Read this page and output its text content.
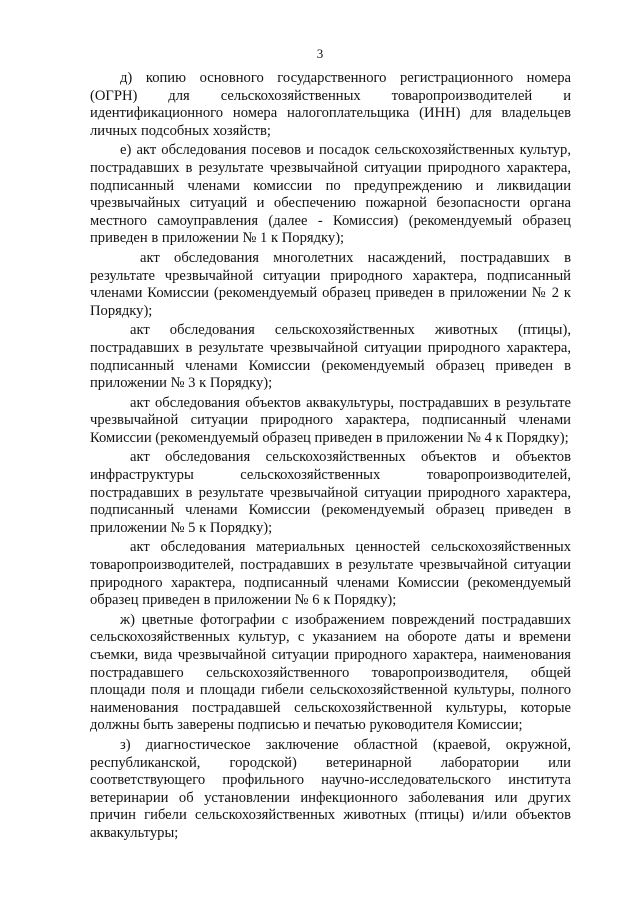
3

д) копию основного государственного регистрационного номера (ОГРН) для сельскохозяйственных товаропроизводителей и идентификационного номера налогоплательщика (ИНН) для владельцев личных подсобных хозяйств;

е) акт обследования посевов и посадок сельскохозяйственных культур, пострадавших в результате чрезвычайной ситуации природного характера, подписанный членами комиссии по предупреждению и ликвидации чрезвычайных ситуаций и обеспечению пожарной безопасности органа местного самоуправления (далее - Комиссия) (рекомендуемый образец приведен в приложении № 1 к Порядку);

акт обследования многолетних насаждений, пострадавших в результате чрезвычайной ситуации природного характера, подписанный членами Комиссии (рекомендуемый образец приведен в приложении № 2 к Порядку);

акт обследования сельскохозяйственных животных (птицы), пострадавших в результате чрезвычайной ситуации природного характера, подписанный членами Комиссии (рекомендуемый образец приведен в приложении № 3 к Порядку);

акт обследования объектов аквакультуры, пострадавших в результате чрезвычайной ситуации природного характера, подписанный членами Комиссии (рекомендуемый образец приведен в приложении № 4 к Порядку);

акт обследования сельскохозяйственных объектов и объектов инфраструктуры сельскохозяйственных товаропроизводителей, пострадавших в результате чрезвычайной ситуации природного характера, подписанный членами Комиссии (рекомендуемый образец приведен в приложении № 5 к Порядку);

акт обследования материальных ценностей сельскохозяйственных товаропроизводителей, пострадавших в результате чрезвычайной ситуации природного характера, подписанный членами Комиссии (рекомендуемый образец приведен в приложении № 6 к Порядку);

ж) цветные фотографии с изображением повреждений пострадавших сельскохозяйственных культур, с указанием на обороте даты и времени съемки, вида чрезвычайной ситуации природного характера, наименования пострадавшего сельскохозяйственного товаропроизводителя, общей площади поля и площади гибели сельскохозяйственной культуры, полного наименования пострадавшей сельскохозяйственной культуры, которые должны быть заверены подписью и печатью руководителя Комиссии;

з) диагностическое заключение областной (краевой, окружной, республиканской, городской) ветеринарной лаборатории или соответствующего профильного научно-исследовательского института ветеринарии об установлении инфекционного заболевания или других причин гибели сельскохозяйственных животных (птицы) и/или объектов аквакультуры;
